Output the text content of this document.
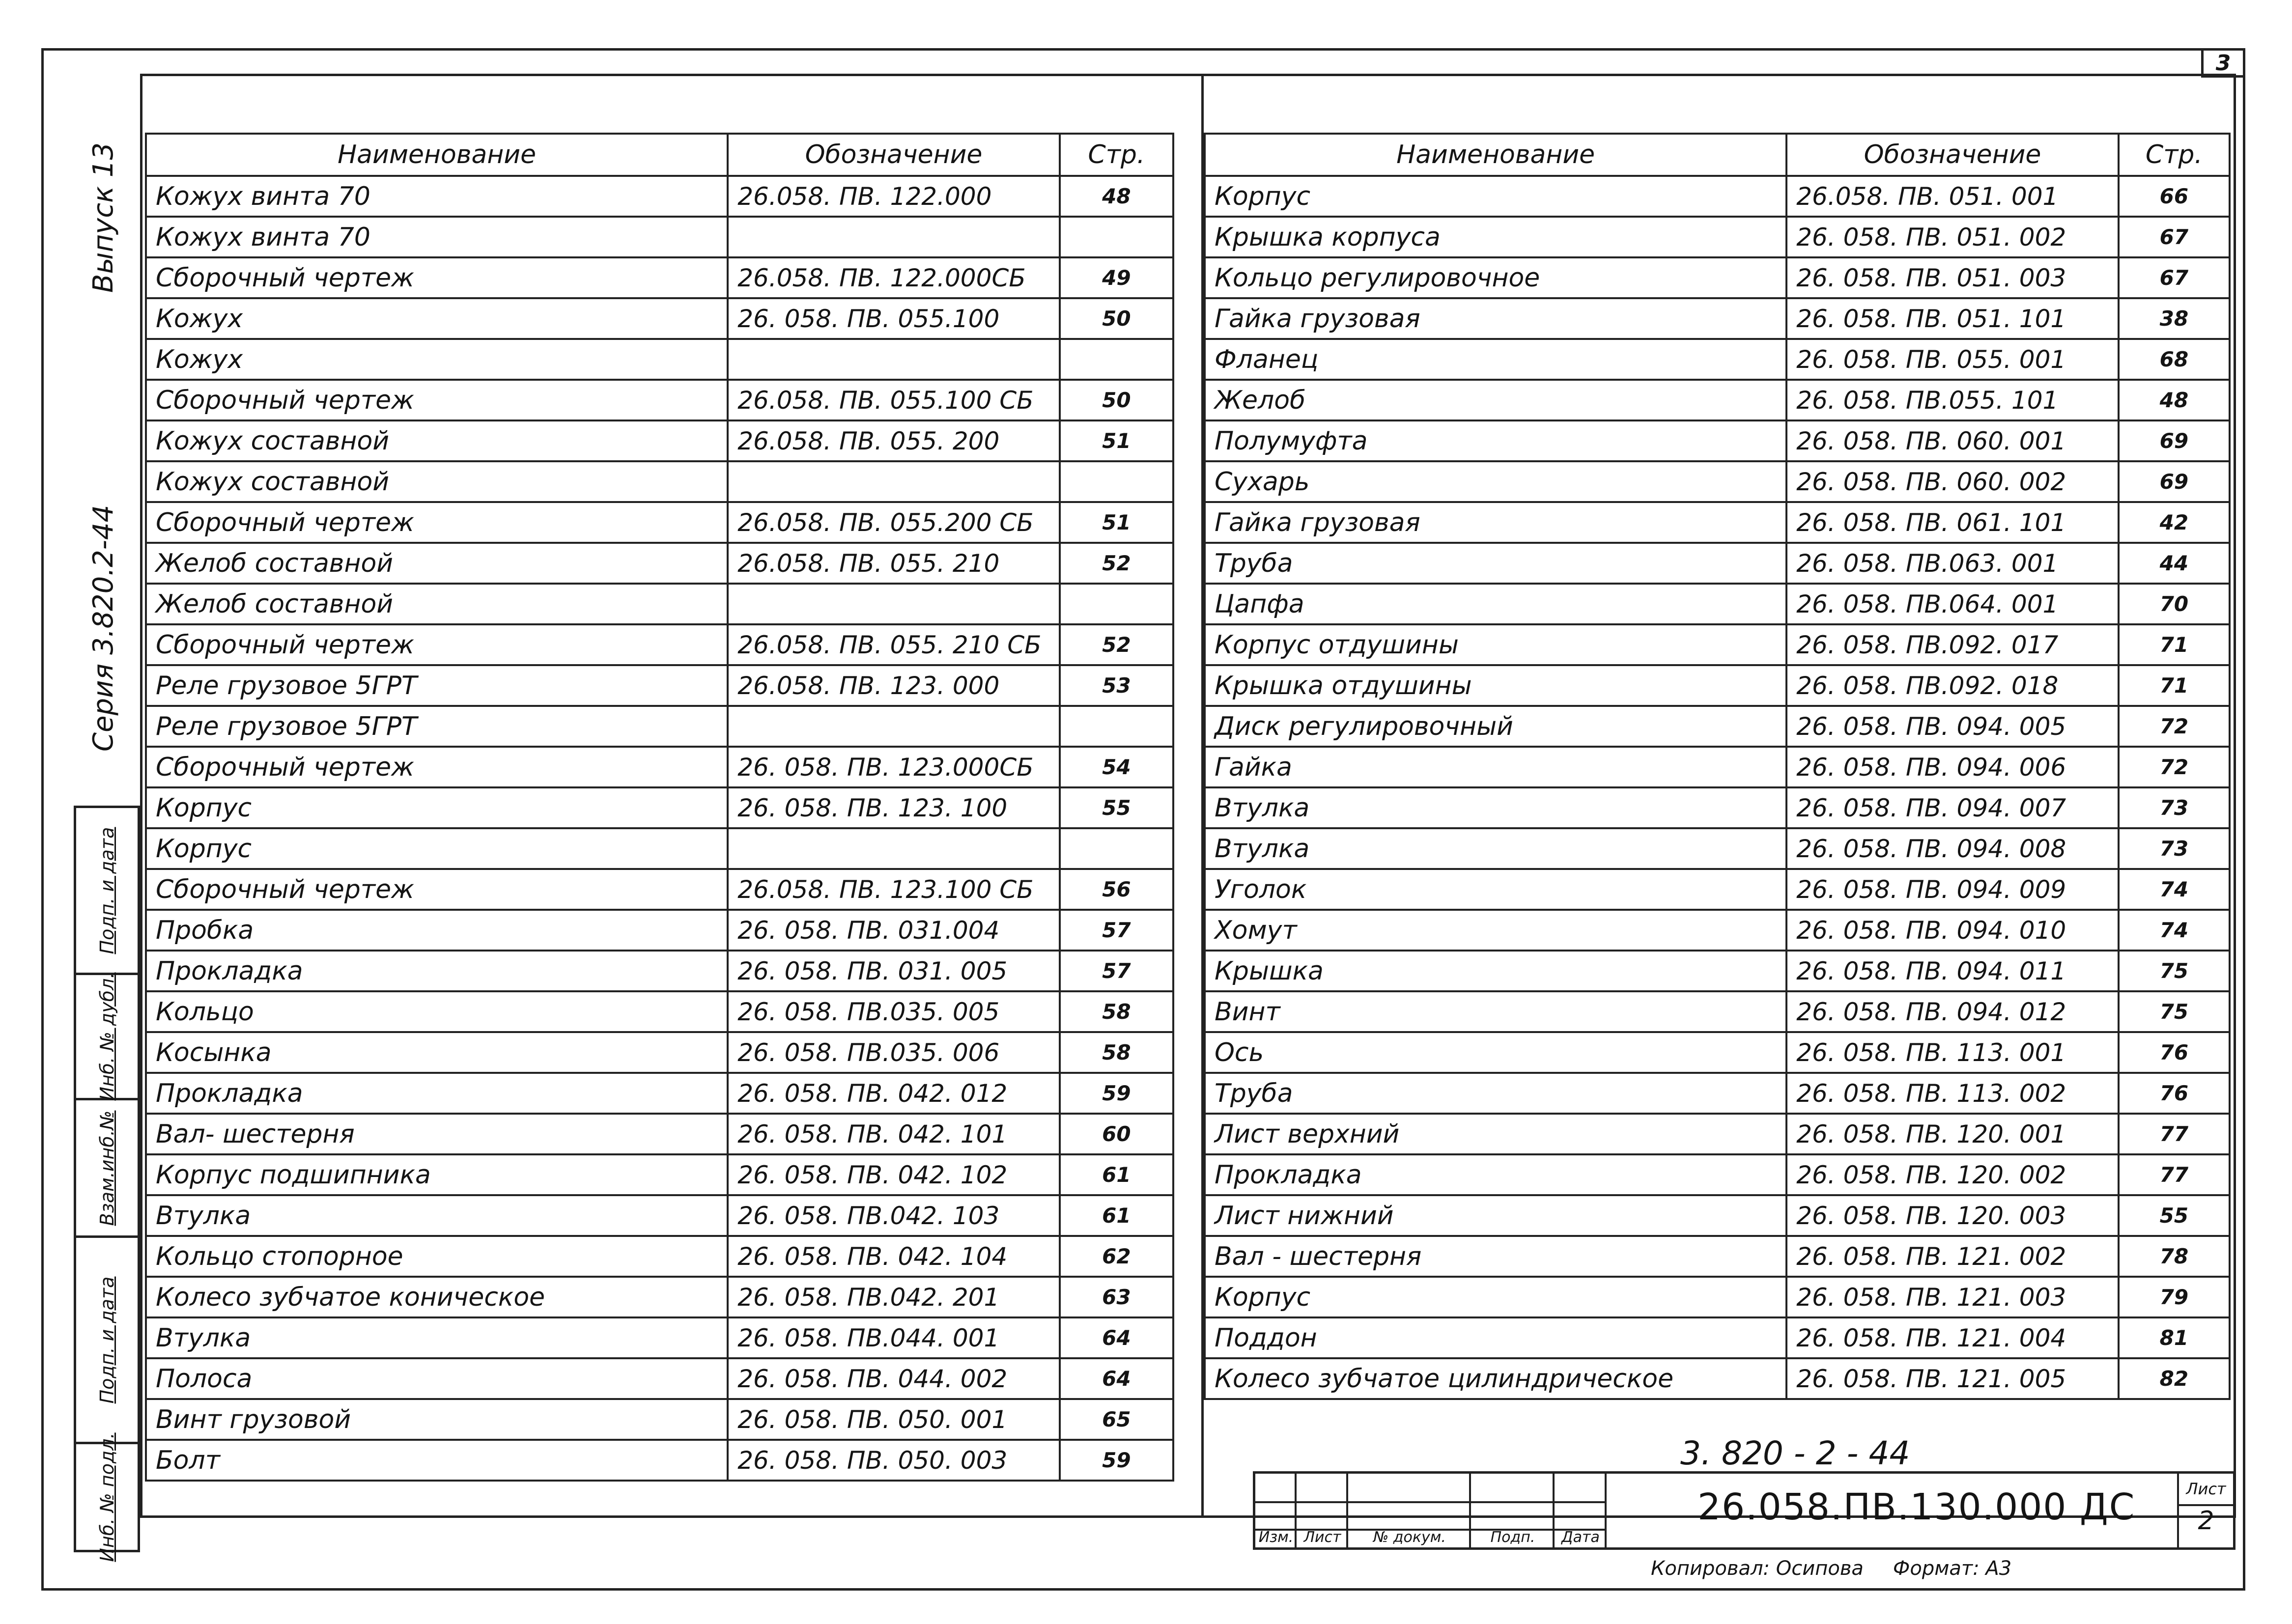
3
Серия 3.820.2-44
Выпуск 13
Подп. и дата
Инб. № дубл.
Взам.инб.№
Подп. и дата
Инб. № подл.
Наименование	Обозначение	Стр.
Кожух винта 70	26.058. ПВ. 122.000	48
Кожух винта 70		
Сборочный чертеж	26.058. ПВ. 122.000СБ	49
Кожух	26. 058. ПВ. 055.100	50
Кожух		
Сборочный чертеж	26.058. ПВ. 055.100 СБ	50
Кожух составной	26.058. ПВ. 055. 200	51
Кожух составной		
Сборочный чертеж	26.058. ПВ. 055.200 СБ	51
Желоб составной	26.058. ПВ. 055. 210	52
Желоб составной		
Сборочный чертеж	26.058. ПВ. 055. 210 СБ	52
Реле грузовое 5ГРТ	26.058. ПВ. 123. 000	53
Реле грузовое 5ГРТ		
Сборочный чертеж	26. 058. ПВ. 123.000СБ	54
Корпус	26. 058. ПВ. 123. 100	55
Корпус		
Сборочный чертеж	26.058. ПВ. 123.100 СБ	56
Пробка	26. 058. ПВ. 031.004	57
Прокладка	26. 058. ПВ. 031. 005	57
Кольцо	26. 058. ПВ.035. 005	58
Косынка	26. 058. ПВ.035. 006	58
Прокладка	26. 058. ПВ. 042. 012	59
Вал- шестерня	26. 058. ПВ. 042. 101	60
Корпус подшипника	26. 058. ПВ. 042. 102	61
Втулка	26. 058. ПВ.042. 103	61
Кольцо стопорное	26. 058. ПВ. 042. 104	62
Колесо зубчатое коническое	26. 058. ПВ.042. 201	63
Втулка	26. 058. ПВ.044. 001	64
Полоса	26. 058. ПВ. 044. 002	64
Винт грузовой	26. 058. ПВ. 050. 001	65
Болт	26. 058. ПВ. 050. 003	59
Наименование	Обозначение	Стр.
Корпус	26.058. ПВ. 051. 001	66
Крышка корпуса	26. 058. ПВ. 051. 002	67
Кольцо регулировочное	26. 058. ПВ. 051. 003	67
Гайка грузовая	26. 058. ПВ. 051. 101	38
Фланец	26. 058. ПВ. 055. 001	68
Желоб	26. 058. ПВ.055. 101	48
Полумуфта	26. 058. ПВ. 060. 001	69
Сухарь	26. 058. ПВ. 060. 002	69
Гайка грузовая	26. 058. ПВ. 061. 101	42
Труба	26. 058. ПВ.063. 001	44
Цапфа	26. 058. ПВ.064. 001	70
Корпус отдушины	26. 058. ПВ.092. 017	71
Крышка отдушины	26. 058. ПВ.092. 018	71
Диск регулировочный	26. 058. ПВ. 094. 005	72
Гайка	26. 058. ПВ. 094. 006	72
Втулка	26. 058. ПВ. 094. 007	73
Втулка	26. 058. ПВ. 094. 008	73
Уголок	26. 058. ПВ. 094. 009	74
Хомут	26. 058. ПВ. 094. 010	74
Крышка	26. 058. ПВ. 094. 011	75
Винт	26. 058. ПВ. 094. 012	75
Ось	26. 058. ПВ. 113. 001	76
Труба	26. 058. ПВ. 113. 002	76
Лист верхний	26. 058. ПВ. 120. 001	77
Прокладка	26. 058. ПВ. 120. 002	77
Лист нижний	26. 058. ПВ. 120. 003	55
Вал - шестерня	26. 058. ПВ. 121. 002	78
Корпус	26. 058. ПВ. 121. 003	79
Поддон	26. 058. ПВ. 121. 004	81
Колесо зубчатое цилиндрическое	26. 058. ПВ. 121. 005	82
3. 820 - 2 - 44
Изм. Лист	№ докум.	Подп.	Дата
26.058.ПВ.130.000 ДС	Лист
2
Копировал: Осипова Формат: А3
